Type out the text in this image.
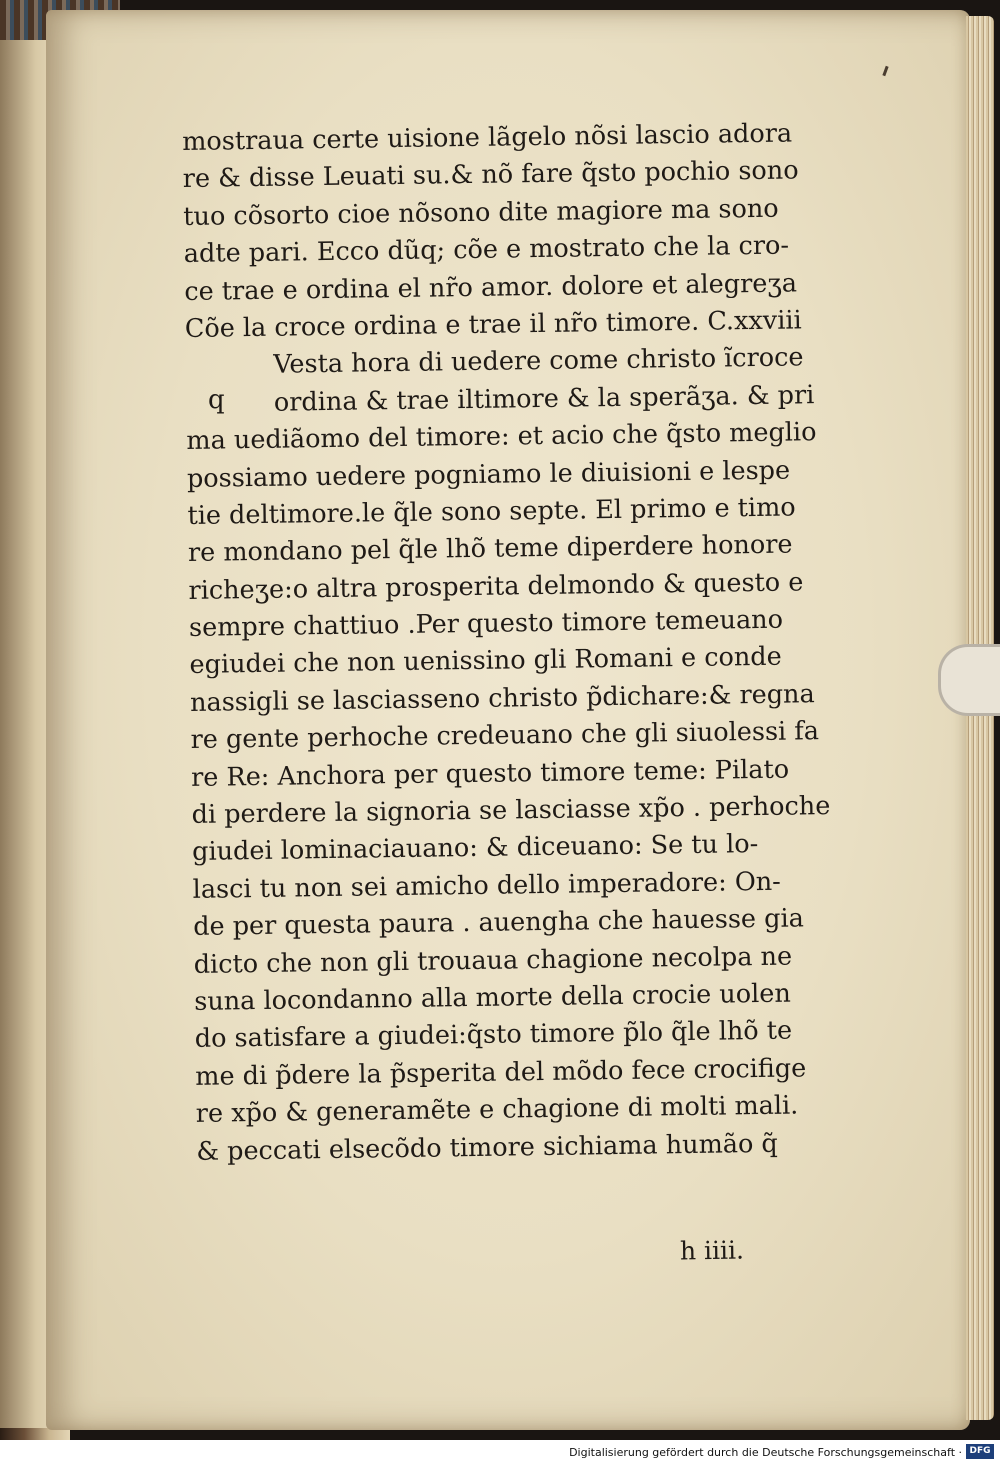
q
mostraua certe uisione lãgelo nõsi lascio adora
re & disse Leuati su.& nõ fare q̃sto pochio sono
tuo cõsorto cioe nõsono dite magiore ma sono
adte pari. Ecco dũq; cõe e mostrato che la cro-
ce trae e ordina el nr̃o amor. dolore et alegreʒa
Cõe la croce ordina e trae il nr̃o timore. C.xxviii
Vesta hora di uedere come christo ĩcroce
ordina & trae iltimore & la sperãʒa. & pri
ma uediãomo del timore: et acio che q̃sto meglio
possiamo uedere pogniamo le diuisioni e lespe
tie deltimore.le q̃le sono septe. El primo e timo
re mondano pel q̃le lhõ teme diperdere honore
richeʒe:o altra prosperita delmondo & questo e
sempre chattiuo .Per questo timore temeuano
egiudei che non uenissino gli Romani e conde
nassigli se lasciasseno christo p̃dichare:& regna
re gente perhoche credeuano che gli siuolessi fa
re Re: Anchora per questo timore teme: Pilato
di perdere la signoria se lasciasse xp̃o . perhoche
giudei lominaciauano: & diceuano: Se tu lo-
lasci tu non sei amicho dello imperadore: On-
de per questa paura . auengha che hauesse gia
dicto che non gli trouaua chagione necolpa ne
suna locondanno alla morte della crocie uolen
do satisfare a giudei:q̃sto timore p̃lo q̃le lhõ te
me di p̃dere la p̃sperita del mõdo fece crocifige
re xp̃o & generamẽte e chagione di molti mali.
& peccati elsecõdo timore sichiama humão q̃
h iiii.
Digitalisierung gefördert durch die Deutsche Forschungsgemeinschaft · DFG
